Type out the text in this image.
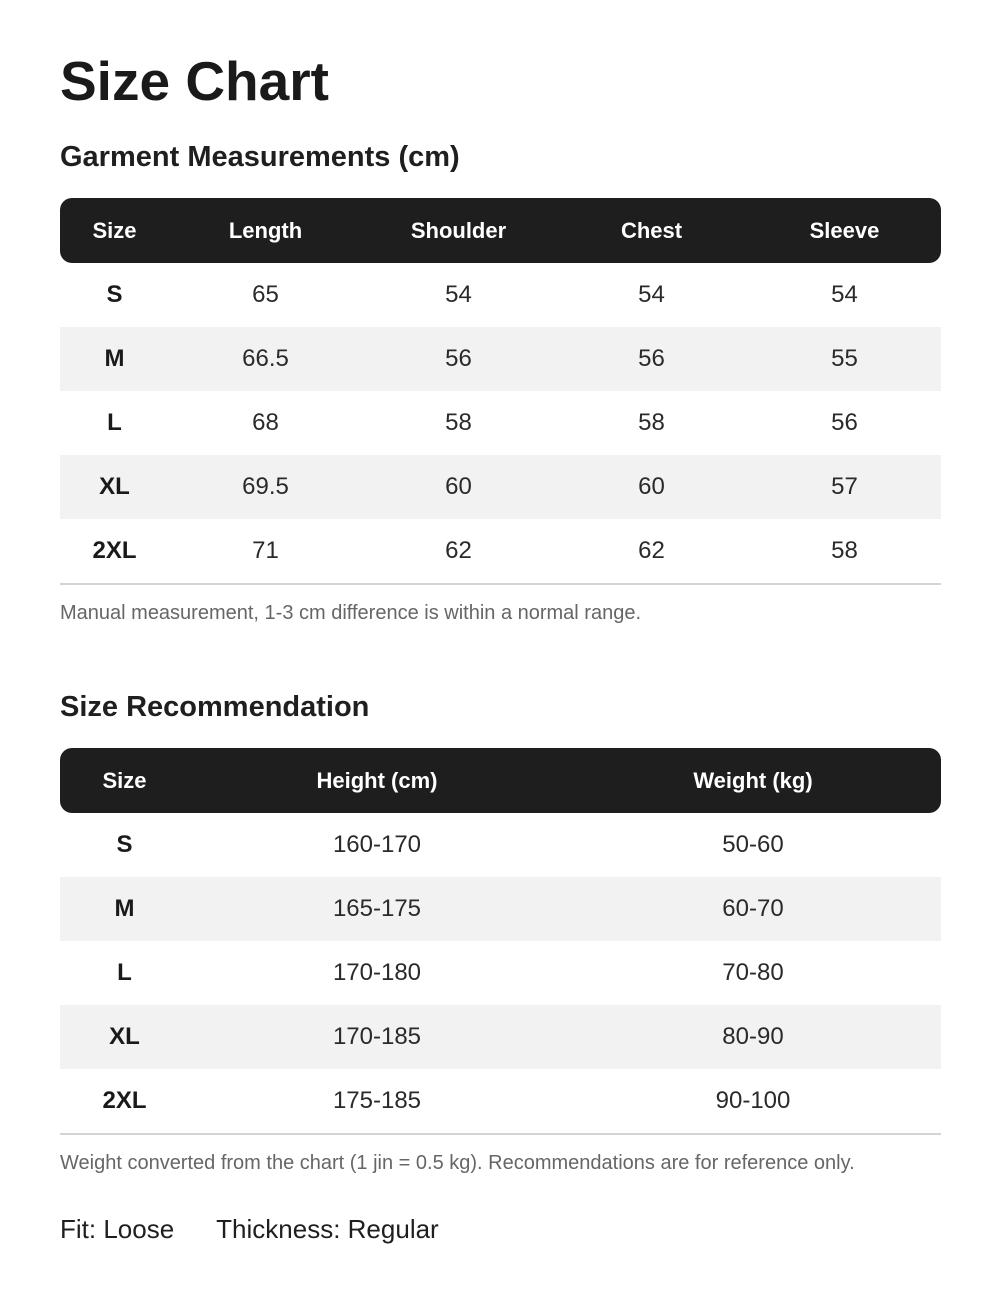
Size Chart
Garment Measurements (cm)
Size	Length	Shoulder	Chest	Sleeve
S	65	54	54	54
M	66.5	56	56	55
L	68	58	58	56
XL	69.5	60	60	57
2XL	71	62	62	58

Manual measurement, 1-3 cm difference is within a normal range.

Size Recommendation
Size	Height (cm)	Weight (kg)
S	160-170	50-60
M	165-175	60-70
L	170-180	70-80
XL	170-185	80-90
2XL	175-185	90-100

Weight converted from the chart (1 jin = 0.5 kg). Recommendations are for reference only.

Fit: Loose Thickness: Regular
